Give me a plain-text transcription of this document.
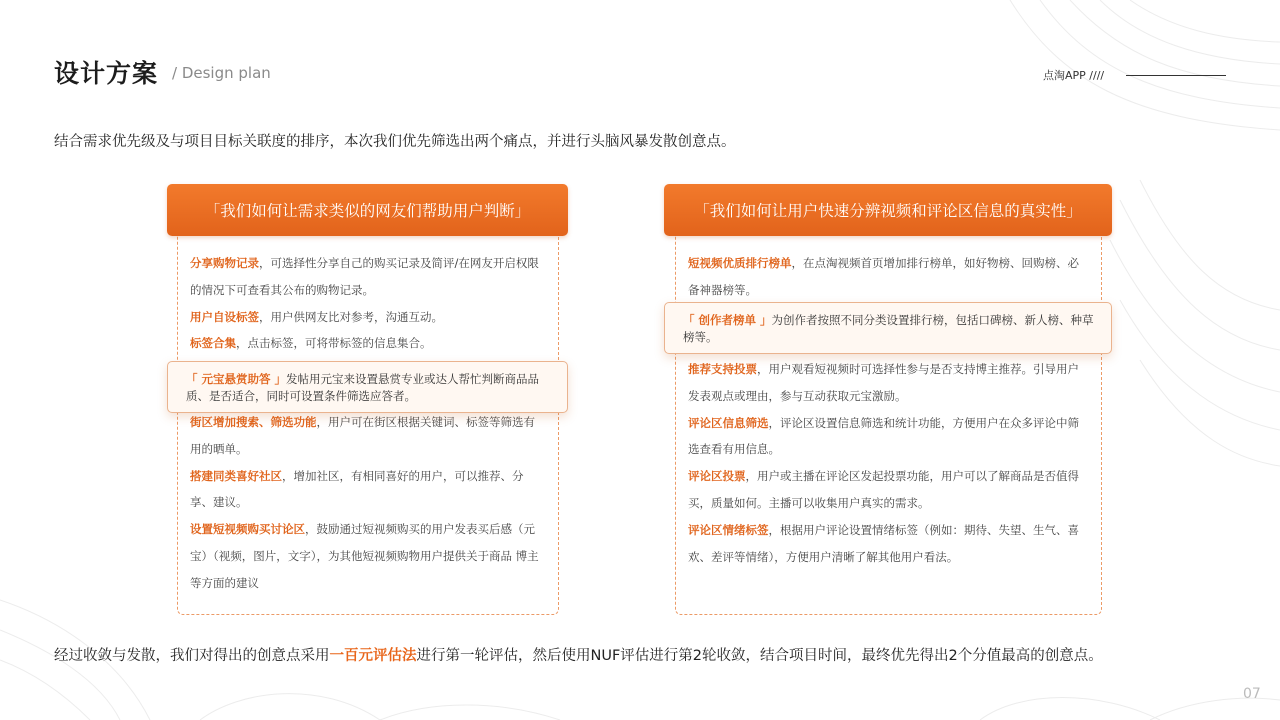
设计方案 / Design plan	点淘APP ////
结合需求优先级及与项目目标关联度的排序，本次我们优先筛选出两个痛点，并进行头脑风暴发散创意点。
「我们如何让需求类似的网友们帮助用户判断」
分享购物记录，可选择性分享自己的购买记录及简评/在网友开启权限的情况下可查看其公布的购物记录。
用户自设标签，用户供网友比对参考，沟通互动。
标签合集，点击标签，可将带标签的信息集合。
街区增加搜索、筛选功能，用户可在街区根据关键词、标签等筛选有用的晒单。
搭建同类喜好社区，增加社区，有相同喜好的用户，可以推荐、分享、建议。
设置短视频购买讨论区，鼓励通过短视频购买的用户发表买后感（元宝）（视频，图片，文字），为其他短视频购物用户提供关于商品 博主等方面的建议
「 元宝悬赏助答 」发帖用元宝来设置悬赏专业或达人帮忙判断商品品质、是否适合，同时可设置条件筛选应答者。
「我们如何让用户快速分辨视频和评论区信息的真实性」
短视频优质排行榜单，在点淘视频首页增加排行榜单，如好物榜、回购榜、必备神器榜等。
推荐支持投票，用户观看短视频时可选择性参与是否支持博主推荐。引导用户发表观点或理由，参与互动获取元宝激励。
评论区信息筛选，评论区设置信息筛选和统计功能，方便用户在众多评论中筛选查看有用信息。
评论区投票，用户或主播在评论区发起投票功能，用户可以了解商品是否值得买，质量如何。主播可以收集用户真实的需求。
评论区情绪标签，根据用户评论设置情绪标签（例如：期待、失望、生气、喜欢、差评等情绪），方便用户清晰了解其他用户看法。
「 创作者榜单 」为创作者按照不同分类设置排行榜，包括口碑榜、新人榜、种草榜等。
经过收敛与发散，我们对得出的创意点采用一百元评估法进行第一轮评估，然后使用NUF评估进行第2轮收敛，结合项目时间，最终优先得出2个分值最高的创意点。
07
